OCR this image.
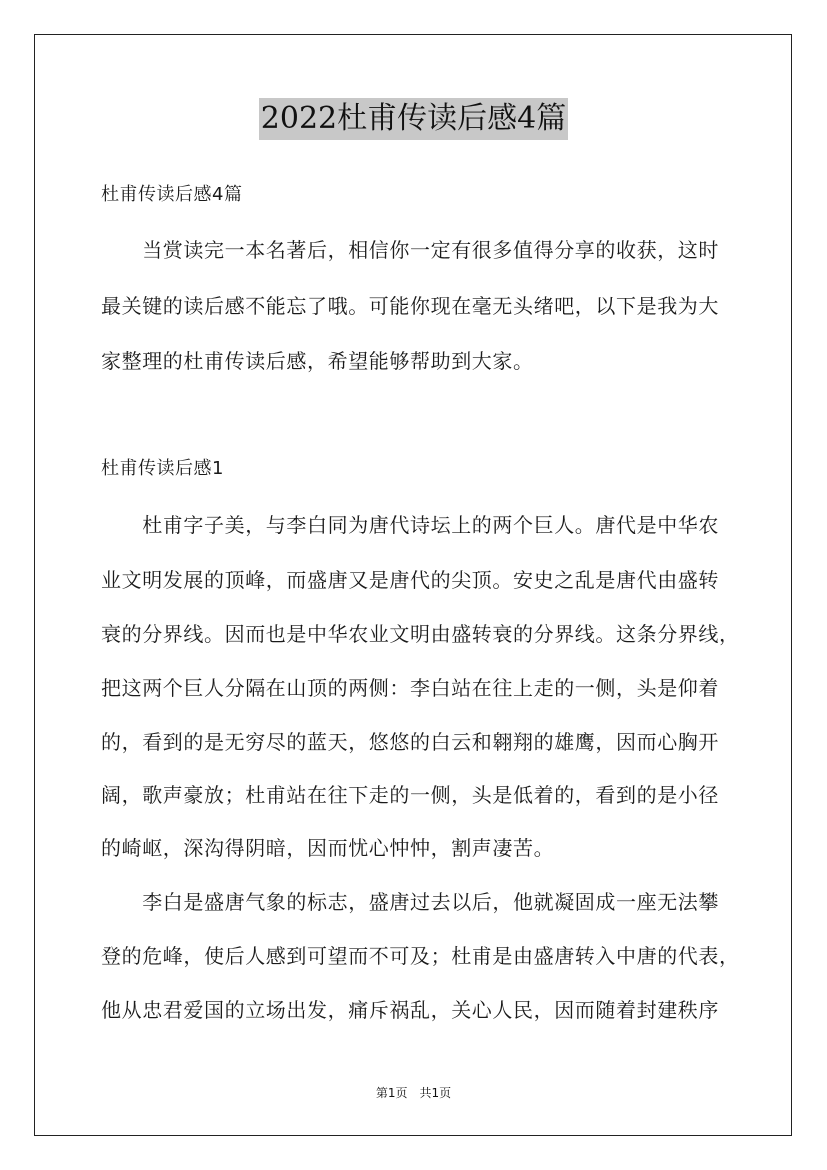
2022杜甫传读后感4篇
杜甫传读后感4篇
　　当赏读完一本名著后，相信你一定有很多值得分享的收获，这时
最关键的读后感不能忘了哦。可能你现在毫无头绪吧，以下是我为大
家整理的杜甫传读后感，希望能够帮助到大家。
杜甫传读后感1
　　杜甫字子美，与李白同为唐代诗坛上的两个巨人。唐代是中华农
业文明发展的顶峰，而盛唐又是唐代的尖顶。安史之乱是唐代由盛转
衰的分界线。因而也是中华农业文明由盛转衰的分界线。这条分界线，
把这两个巨人分隔在山顶的两侧：李白站在往上走的一侧，头是仰着
的，看到的是无穷尽的蓝天，悠悠的白云和翱翔的雄鹰，因而心胸开
阔，歌声豪放；杜甫站在往下走的一侧，头是低着的，看到的是小径
的崎岖，深沟得阴暗，因而忧心忡忡，割声凄苦。
　　李白是盛唐气象的标志，盛唐过去以后，他就凝固成一座无法攀
登的危峰，使后人感到可望而不可及；杜甫是由盛唐转入中唐的代表，
他从忠君爱国的立场出发，痛斥祸乱，关心人民，因而随着封建秩序
第1页　共1页
